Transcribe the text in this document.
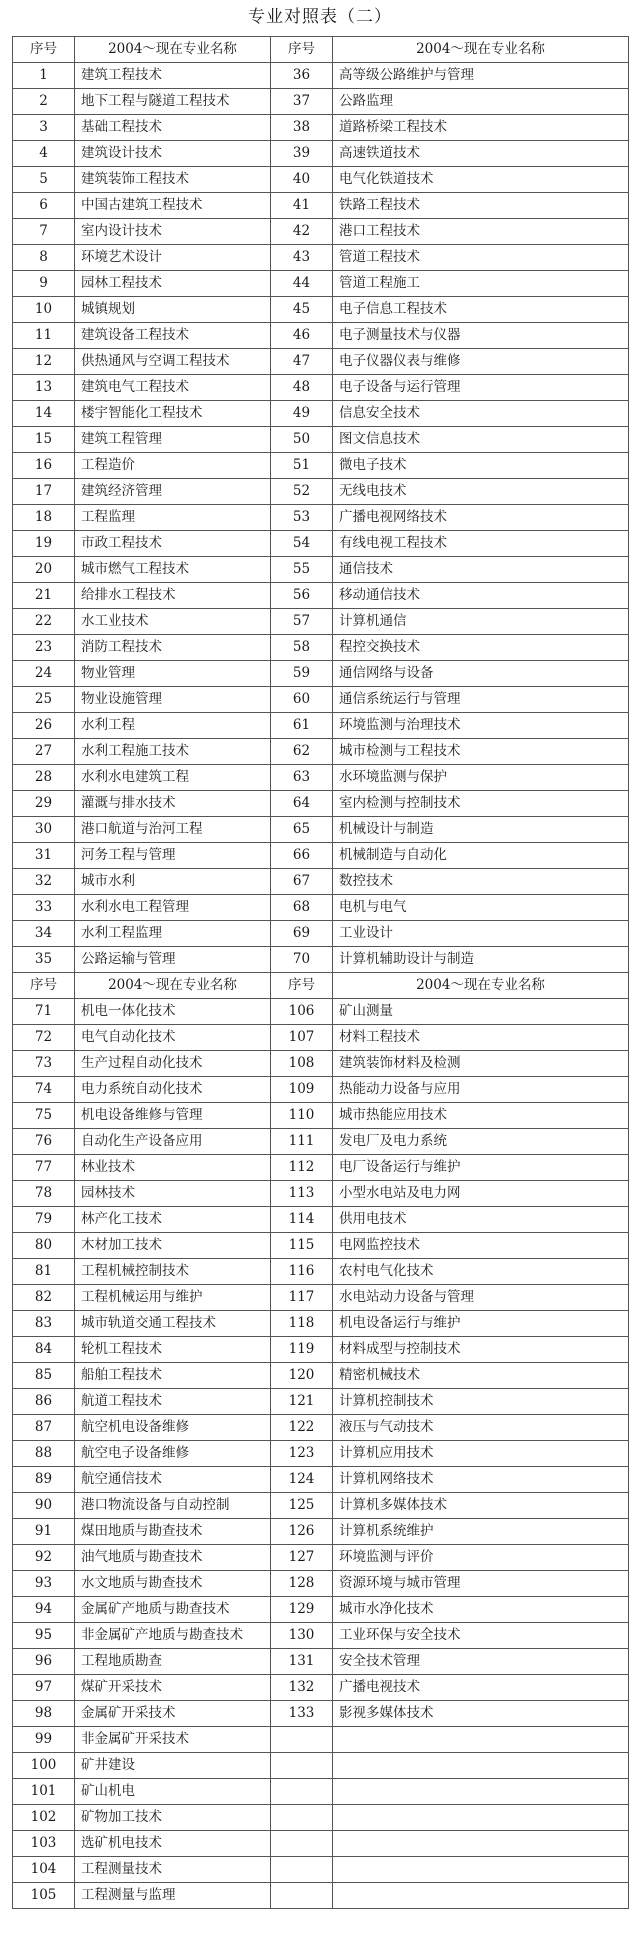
专业对照表（二）
序号	2004～现在专业名称	序号	2004～现在专业名称
1	建筑工程技术	36	高等级公路维护与管理
2	地下工程与隧道工程技术	37	公路监理
3	基础工程技术	38	道路桥梁工程技术
4	建筑设计技术	39	高速铁道技术
5	建筑装饰工程技术	40	电气化铁道技术
6	中国古建筑工程技术	41	铁路工程技术
7	室内设计技术	42	港口工程技术
8	环境艺术设计	43	管道工程技术
9	园林工程技术	44	管道工程施工
10	城镇规划	45	电子信息工程技术
11	建筑设备工程技术	46	电子测量技术与仪器
12	供热通风与空调工程技术	47	电子仪器仪表与维修
13	建筑电气工程技术	48	电子设备与运行管理
14	楼宇智能化工程技术	49	信息安全技术
15	建筑工程管理	50	图文信息技术
16	工程造价	51	微电子技术
17	建筑经济管理	52	无线电技术
18	工程监理	53	广播电视网络技术
19	市政工程技术	54	有线电视工程技术
20	城市燃气工程技术	55	通信技术
21	给排水工程技术	56	移动通信技术
22	水工业技术	57	计算机通信
23	消防工程技术	58	程控交换技术
24	物业管理	59	通信网络与设备
25	物业设施管理	60	通信系统运行与管理
26	水利工程	61	环境监测与治理技术
27	水利工程施工技术	62	城市检测与工程技术
28	水利水电建筑工程	63	水环境监测与保护
29	灌溉与排水技术	64	室内检测与控制技术
30	港口航道与治河工程	65	机械设计与制造
31	河务工程与管理	66	机械制造与自动化
32	城市水利	67	数控技术
33	水利水电工程管理	68	电机与电气
34	水利工程监理	69	工业设计
35	公路运输与管理	70	计算机辅助设计与制造
序号	2004～现在专业名称	序号	2004～现在专业名称
71	机电一体化技术	106	矿山测量
72	电气自动化技术	107	材料工程技术
73	生产过程自动化技术	108	建筑装饰材料及检测
74	电力系统自动化技术	109	热能动力设备与应用
75	机电设备维修与管理	110	城市热能应用技术
76	自动化生产设备应用	111	发电厂及电力系统
77	林业技术	112	电厂设备运行与维护
78	园林技术	113	小型水电站及电力网
79	林产化工技术	114	供用电技术
80	木材加工技术	115	电网监控技术
81	工程机械控制技术	116	农村电气化技术
82	工程机械运用与维护	117	水电站动力设备与管理
83	城市轨道交通工程技术	118	机电设备运行与维护
84	轮机工程技术	119	材料成型与控制技术
85	船舶工程技术	120	精密机械技术
86	航道工程技术	121	计算机控制技术
87	航空机电设备维修	122	液压与气动技术
88	航空电子设备维修	123	计算机应用技术
89	航空通信技术	124	计算机网络技术
90	港口物流设备与自动控制	125	计算机多媒体技术
91	煤田地质与勘查技术	126	计算机系统维护
92	油气地质与勘查技术	127	环境监测与评价
93	水文地质与勘查技术	128	资源环境与城市管理
94	金属矿产地质与勘查技术	129	城市水净化技术
95	非金属矿产地质与勘查技术	130	工业环保与安全技术
96	工程地质勘查	131	安全技术管理
97	煤矿开采技术	132	广播电视技术
98	金属矿开采技术	133	影视多媒体技术
99	非金属矿开采技术		
100	矿井建设		
101	矿山机电		
102	矿物加工技术		
103	选矿机电技术		
104	工程测量技术		
105	工程测量与监理		
